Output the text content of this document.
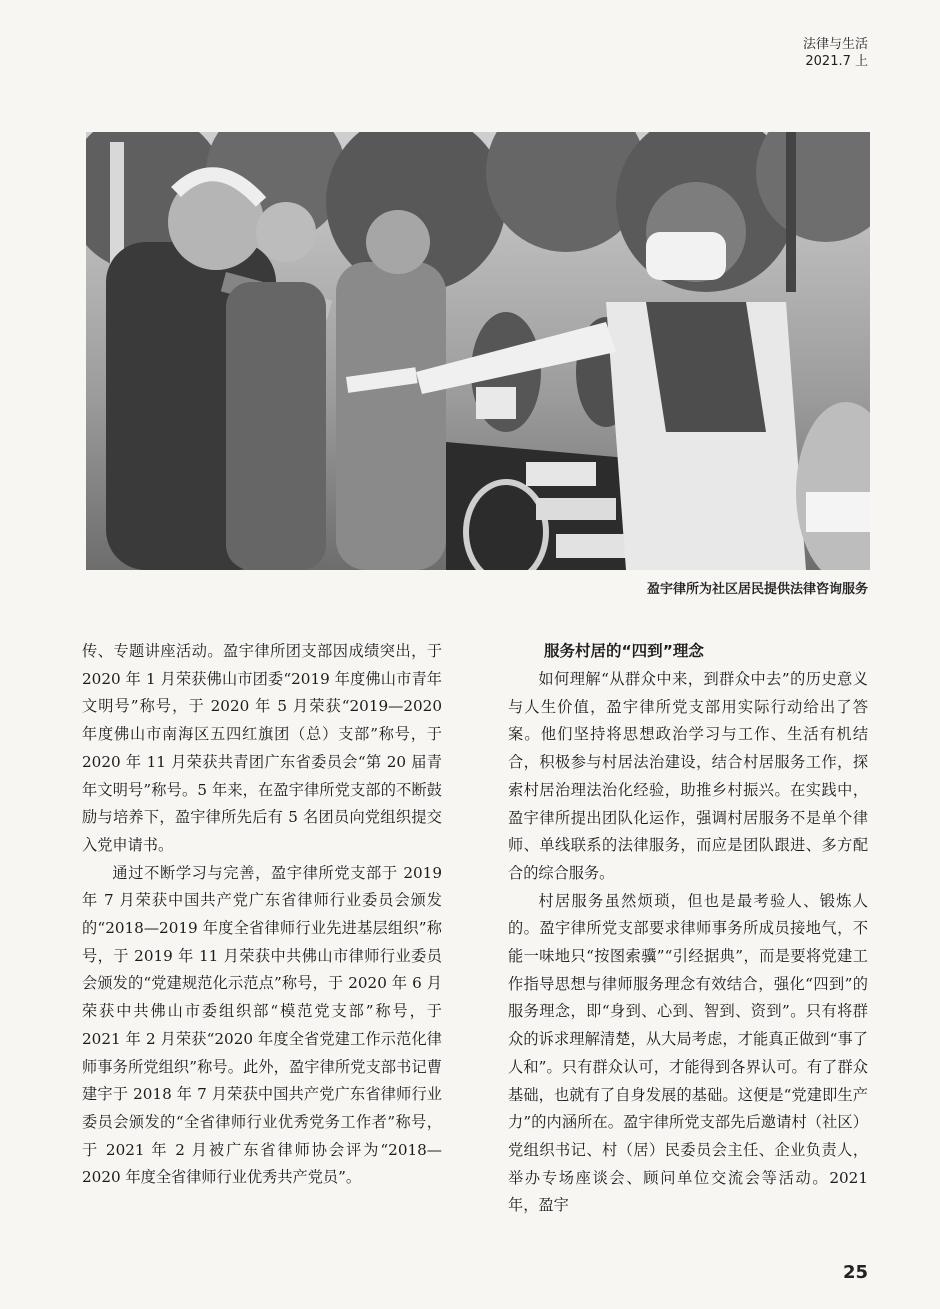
法律与生活
2021.7 上
盈宇律所为社区居民提供法律咨询服务

传、专题讲座活动。盈宇律所团支部因成绩突出，于 2020 年 1 月荣获佛山市团委“2019 年度佛山市青年文明号”称号，于 2020 年 5 月荣获“2019—2020 年度佛山市南海区五四红旗团（总）支部”称号，于 2020 年 11 月荣获共青团广东省委员会“第 20 届青年文明号”称号。5 年来，在盈宇律所党支部的不断鼓励与培养下，盈宇律所先后有 5 名团员向党组织提交入党申请书。

通过不断学习与完善，盈宇律所党支部于 2019 年 7 月荣获中国共产党广东省律师行业委员会颁发的“2018—2019 年度全省律师行业先进基层组织”称号，于 2019 年 11 月荣获中共佛山市律师行业委员会颁发的“党建规范化示范点”称号，于 2020 年 6 月荣获中共佛山市委组织部“模范党支部”称号，于 2021 年 2 月荣获“2020 年度全省党建工作示范化律师事务所党组织”称号。此外，盈宇律所党支部书记曹建宇于 2018 年 7 月荣获中国共产党广东省律师行业委员会颁发的“全省律师行业优秀党务工作者”称号，于 2021 年 2 月被广东省律师协会评为“2018—2020 年度全省律师行业优秀共产党员”。

服务村居的“四到”理念

如何理解“从群众中来，到群众中去”的历史意义与人生价值，盈宇律所党支部用实际行动给出了答案。他们坚持将思想政治学习与工作、生活有机结合，积极参与村居法治建设，结合村居服务工作，探索村居治理法治化经验，助推乡村振兴。在实践中，盈宇律所提出团队化运作，强调村居服务不是单个律师、单线联系的法律服务，而应是团队跟进、多方配合的综合服务。

村居服务虽然烦琐，但也是最考验人、锻炼人的。盈宇律所党支部要求律师事务所成员接地气，不能一味地只“按图索骥”“引经据典”，而是要将党建工作指导思想与律师服务理念有效结合，强化“四到”的服务理念，即“身到、心到、智到、资到”。只有将群众的诉求理解清楚，从大局考虑，才能真正做到“事了人和”。只有群众认可，才能得到各界认可。有了群众基础，也就有了自身发展的基础。这便是“党建即生产力”的内涵所在。盈宇律所党支部先后邀请村（社区）党组织书记、村（居）民委员会主任、企业负责人，举办专场座谈会、顾问单位交流会等活动。2021 年，盈宇

25
